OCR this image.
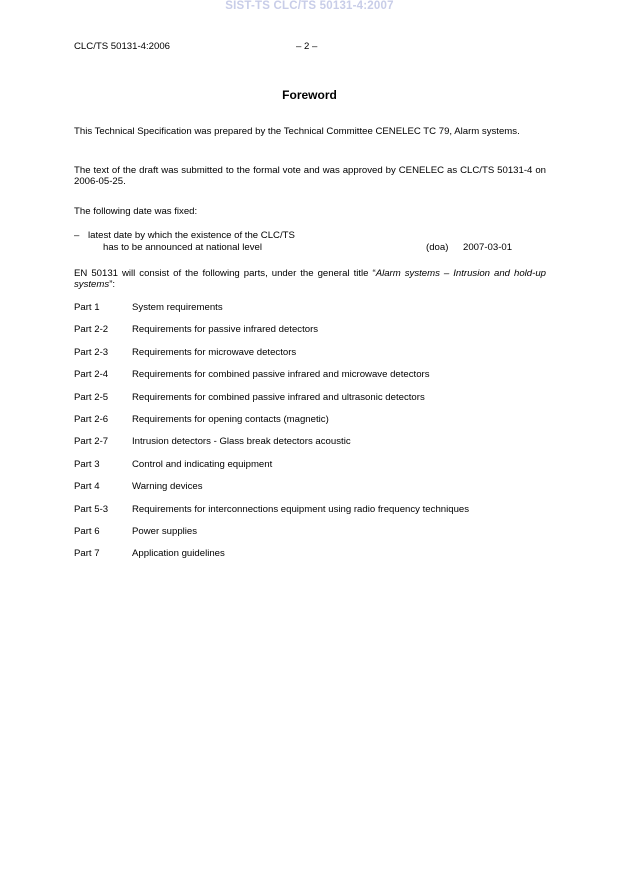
SIST-TS CLC/TS 50131-4:2007
CLC/TS 50131-4:2006	– 2 –
Foreword
This Technical Specification was prepared by the Technical Committee CENELEC TC 79, Alarm systems.
The text of the draft was submitted to the formal vote and was approved by CENELEC as CLC/TS 50131-4 on 2006-05-25.
The following date was fixed:
– latest date by which the existence of the CLC/TS
has to be announced at national level	(doa) 2007-03-01
EN 50131 will consist of the following parts, under the general title “Alarm systems – Intrusion and hold-up systems”:
Part 1	System requirements
Part 2-2 Requirements for passive infrared detectors
Part 2-3 Requirements for microwave detectors
Part 2-4 Requirements for combined passive infrared and microwave detectors
Part 2-5 Requirements for combined passive infrared and ultrasonic detectors
Part 2-6 Requirements for opening contacts (magnetic)
Part 2-7 Intrusion detectors - Glass break detectors acoustic
Part 3	Control and indicating equipment
Part 4	Warning devices
Part 5-3 Requirements for interconnections equipment using radio frequency techniques
Part 6	Power supplies
Part 7	Application guidelines
